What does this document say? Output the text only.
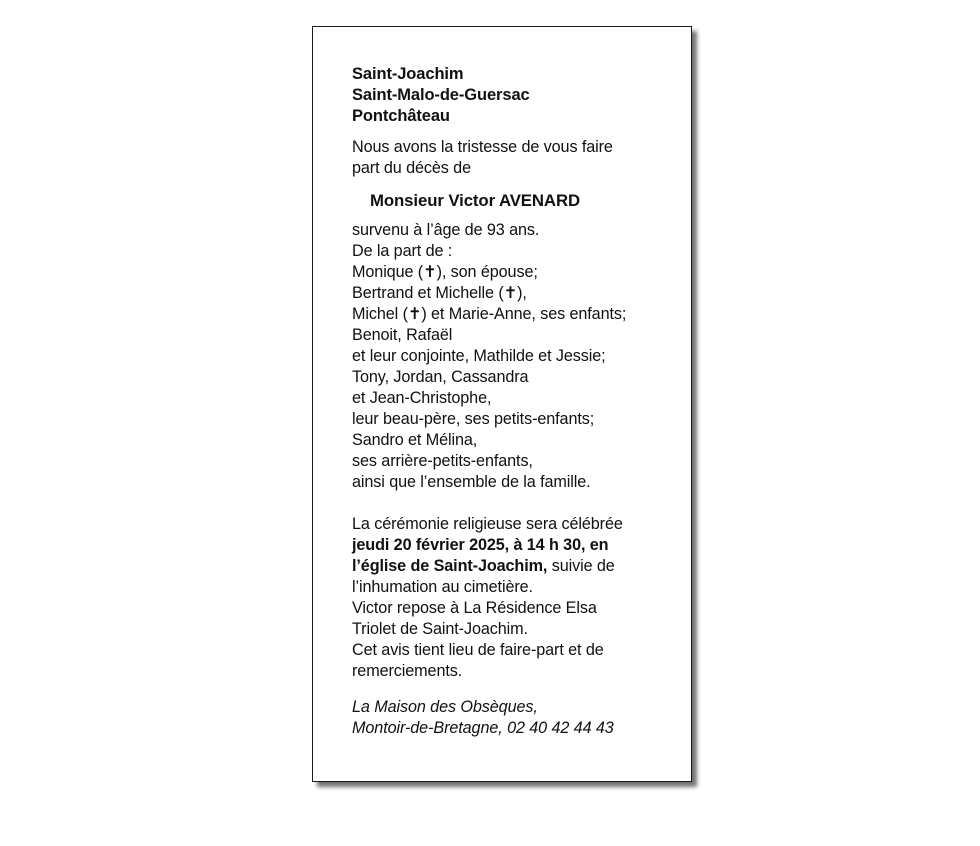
Saint-Joachim
Saint-Malo-de-Guersac
Pontchâteau
Nous avons la tristesse de vous faire
part du décès de
Monsieur Victor AVENARD
survenu à l’âge de 93 ans.
De la part de :
Monique (✝), son épouse;
Bertrand et Michelle (✝),
Michel (✝) et Marie-Anne, ses enfants;
Benoit, Rafaël
et leur conjointe, Mathilde et Jessie;
Tony, Jordan, Cassandra
et Jean-Christophe,
leur beau-père, ses petits-enfants;
Sandro et Mélina,
ses arrière-petits-enfants,
ainsi que l’ensemble de la famille.
La cérémonie religieuse sera célébrée
jeudi 20 février 2025, à 14 h 30, en
l’église de Saint-Joachim, suivie de
l’inhumation au cimetière.
Victor repose à La Résidence Elsa
Triolet de Saint-Joachim.
Cet avis tient lieu de faire-part et de
remerciements.
La Maison des Obsèques,
Montoir-de-Bretagne, 02 40 42 44 43
